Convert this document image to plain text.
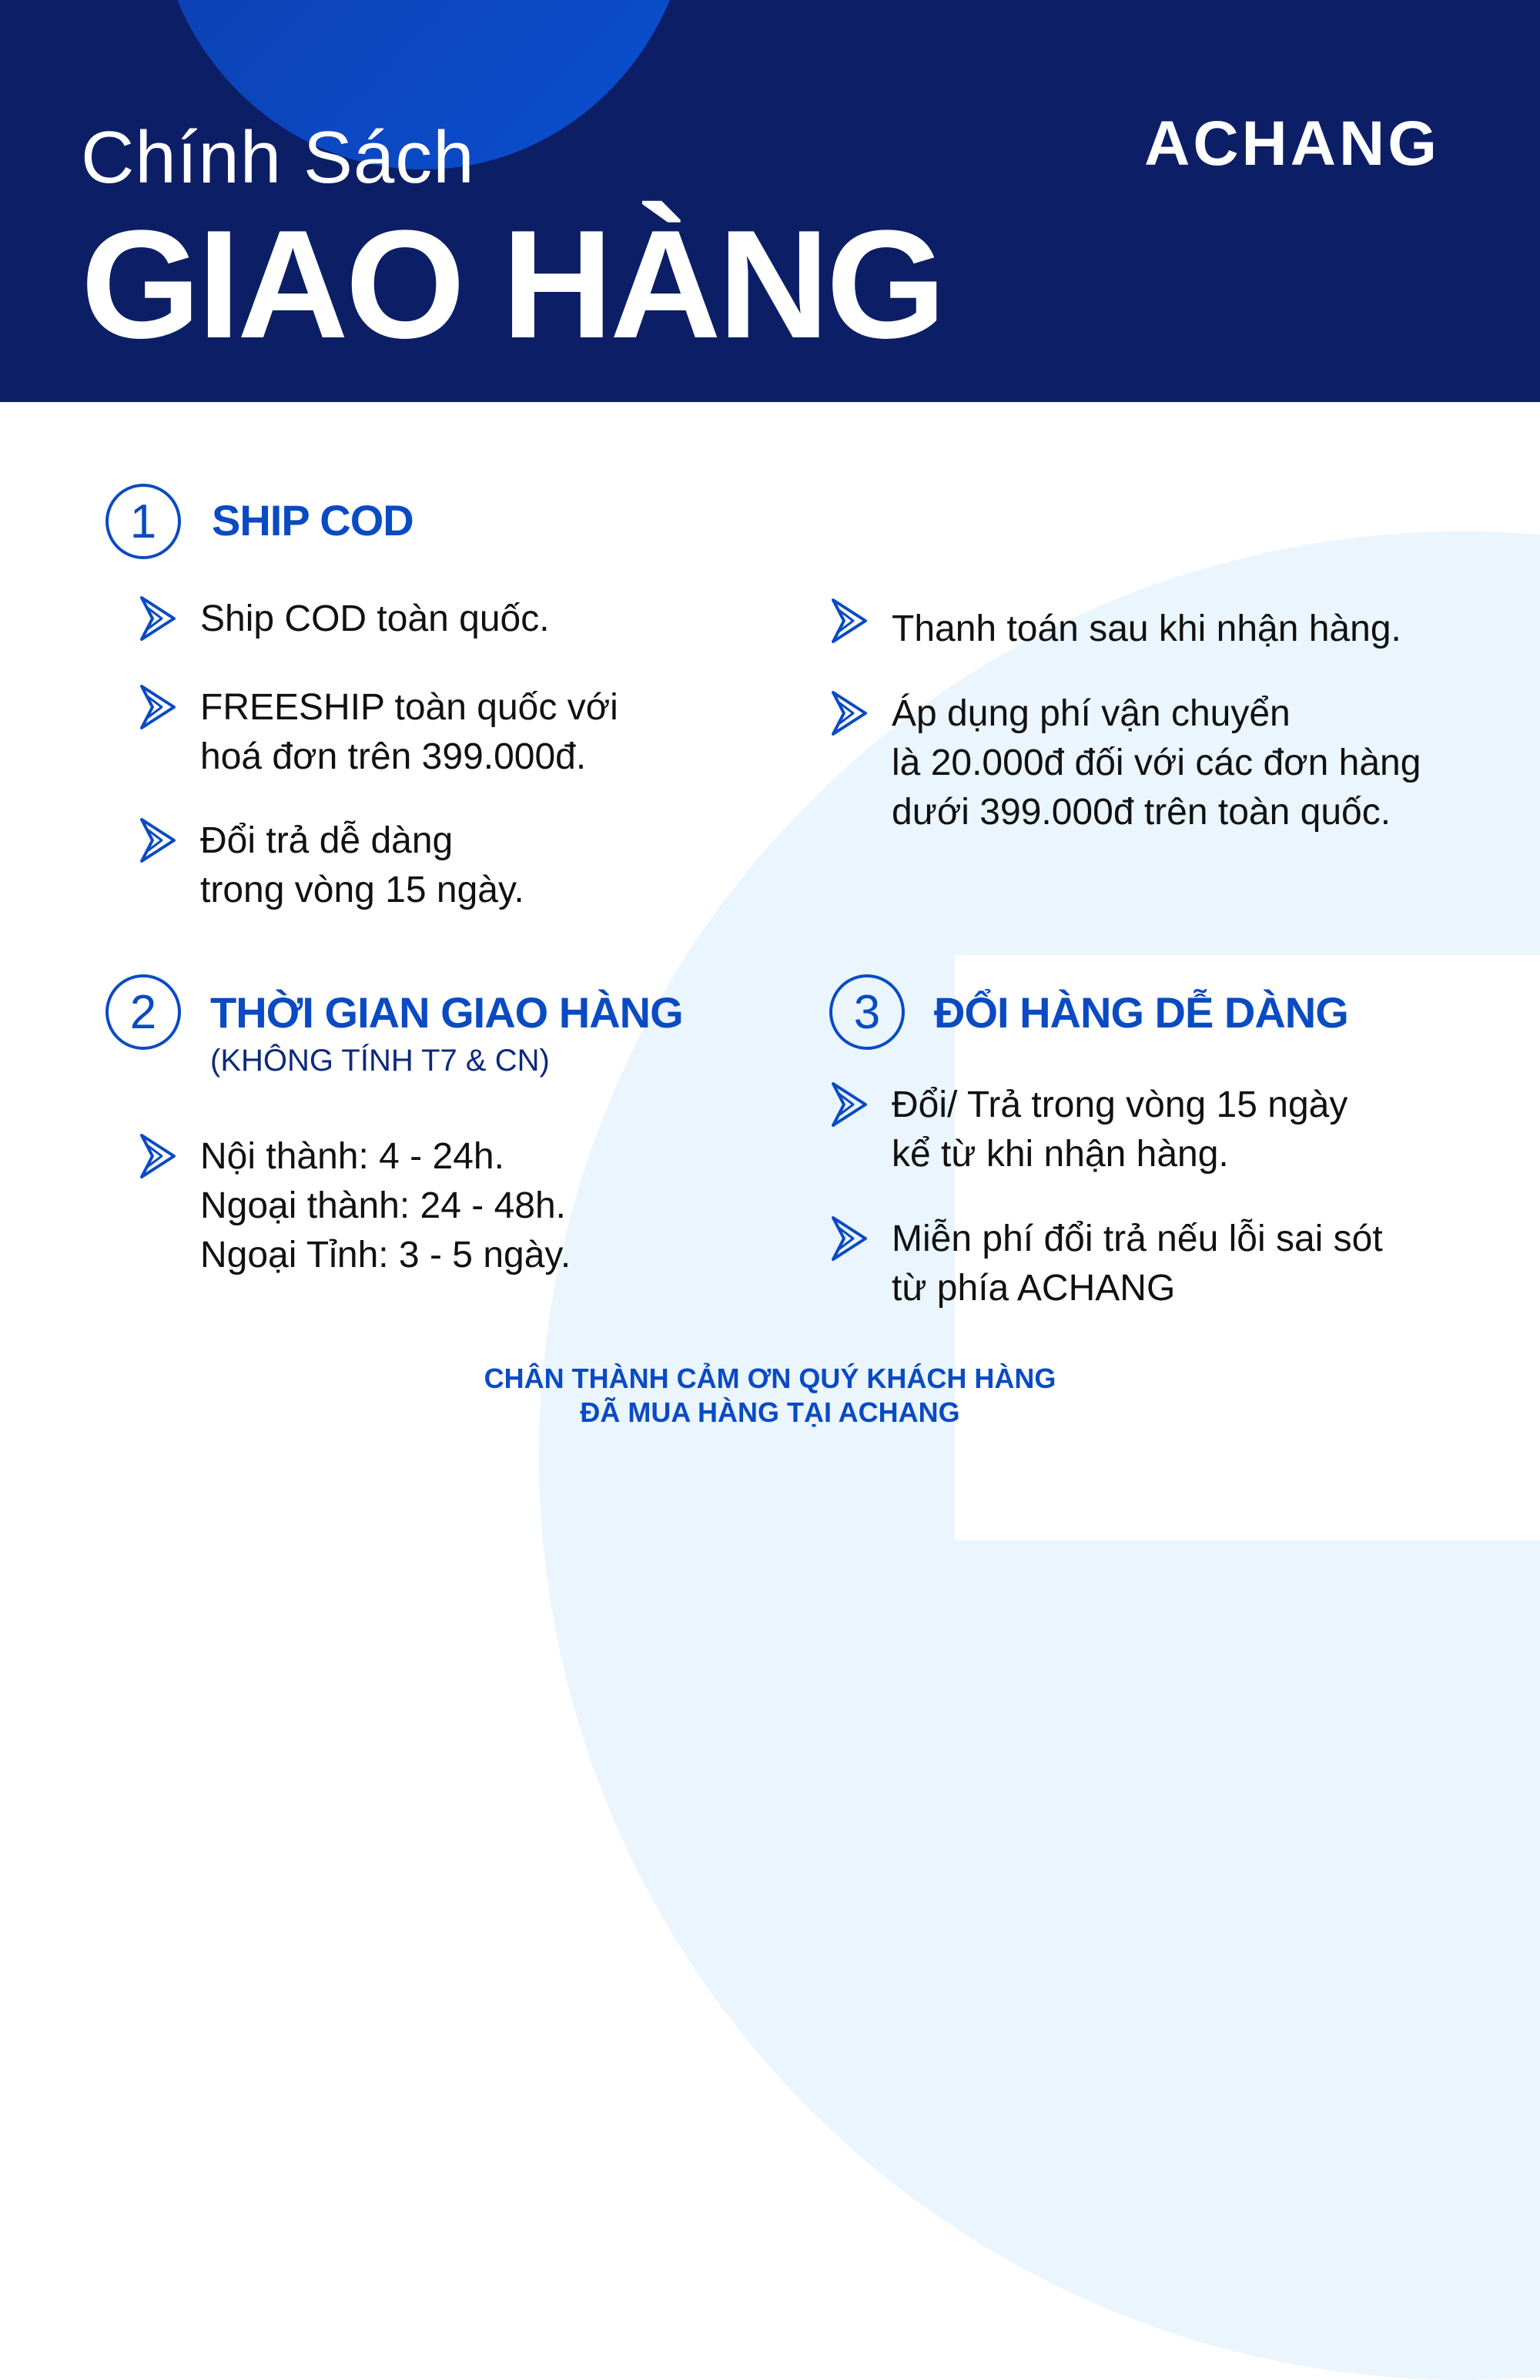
Chính Sách
GIAO HÀNG
ACHANG
1	SHIP COD
Ship COD toàn quốc.
FREESHIP toàn quốc với
hoá đơn trên 399.000đ.
Đổi trả dễ dàng
trong vòng 15 ngày.
Thanh toán sau khi nhận hàng.
Áp dụng phí vận chuyển
là 20.000đ đối với các đơn hàng
dưới 399.000đ trên toàn quốc.
2	THỜI GIAN GIAO HÀNG
(KHÔNG TÍNH T7 & CN)
Nội thành: 4 - 24h.
Ngoại thành: 24 - 48h.
Ngoại Tỉnh: 3 - 5 ngày.
3	ĐỔI HÀNG DỄ DÀNG
Đổi/ Trả trong vòng 15 ngày
kể từ khi nhận hàng.
Miễn phí đổi trả nếu lỗi sai sót
từ phía ACHANG
CHÂN THÀNH CẢM ƠN QUÝ KHÁCH HÀNG
ĐÃ MUA HÀNG TẠI ACHANG
